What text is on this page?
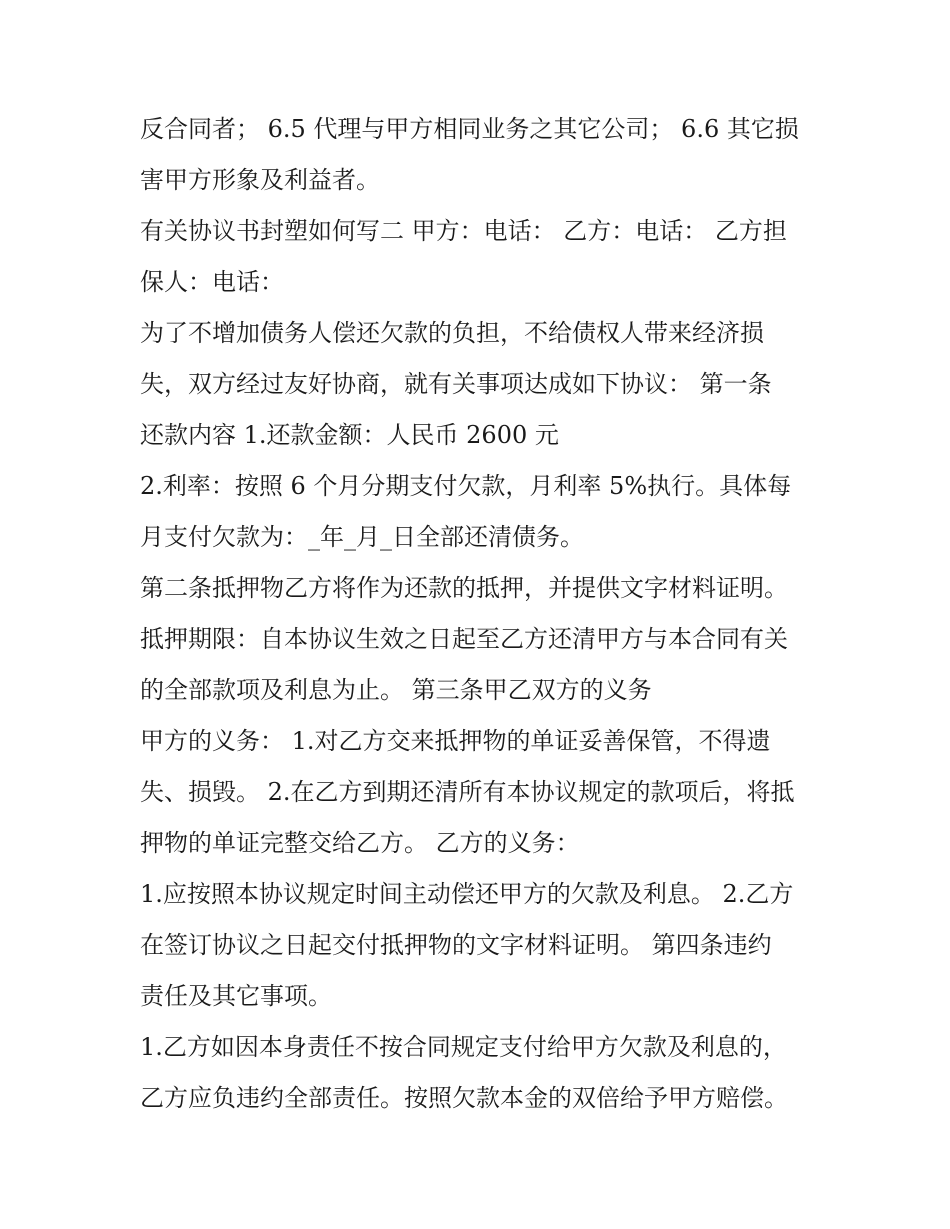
反合同者； 6.5 代理与甲方相同业务之其它公司； 6.6 其它损
害甲方形象及利益者。
有关协议书封塑如何写二 甲方：电话： 乙方：电话： 乙方担
保人：电话：
为了不增加债务人偿还欠款的负担，不给债权人带来经济损
失，双方经过友好协商，就有关事项达成如下协议： 第一条
还款内容 1.还款金额：人民币 2600 元
2.利率：按照 6 个月分期支付欠款，月利率 5%执行。具体每
月支付欠款为：_年_月_日全部还清债务。
第二条抵押物乙方将作为还款的抵押，并提供文字材料证明。
抵押期限：自本协议生效之日起至乙方还清甲方与本合同有关
的全部款项及利息为止。 第三条甲乙双方的义务
甲方的义务： 1.对乙方交来抵押物的单证妥善保管，不得遗
失、损毁。 2.在乙方到期还清所有本协议规定的款项后，将抵
押物的单证完整交给乙方。 乙方的义务：
1.应按照本协议规定时间主动偿还甲方的欠款及利息。 2.乙方
在签订协议之日起交付抵押物的文字材料证明。 第四条违约
责任及其它事项。
1.乙方如因本身责任不按合同规定支付给甲方欠款及利息的，
乙方应负违约全部责任。按照欠款本金的双倍给予甲方赔偿。
